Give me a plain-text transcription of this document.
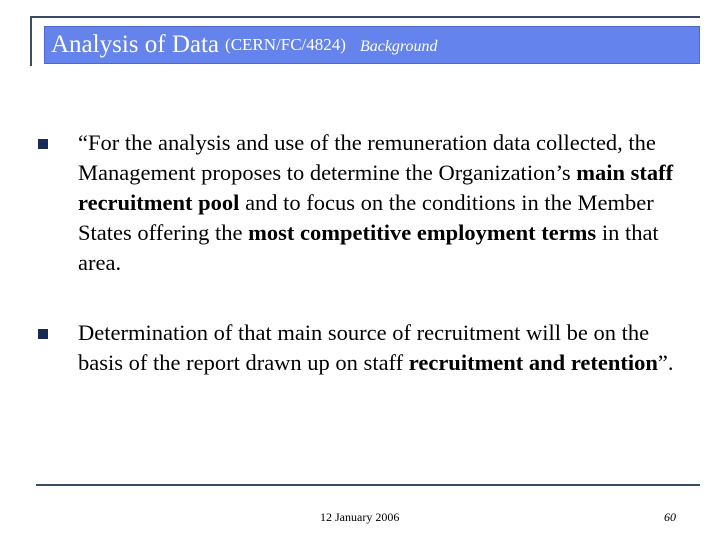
Analysis of Data (CERN/FC/4824) Background
“For the analysis and use of the remuneration data collected, the Management proposes to determine the Organization’s main staff recruitment pool and to focus on the conditions in the Member States offering the most competitive employment terms in that area.
Determination of that main source of recruitment will be on the basis of the report drawn up on staff recruitment and retention”.
12 January 2006	60
